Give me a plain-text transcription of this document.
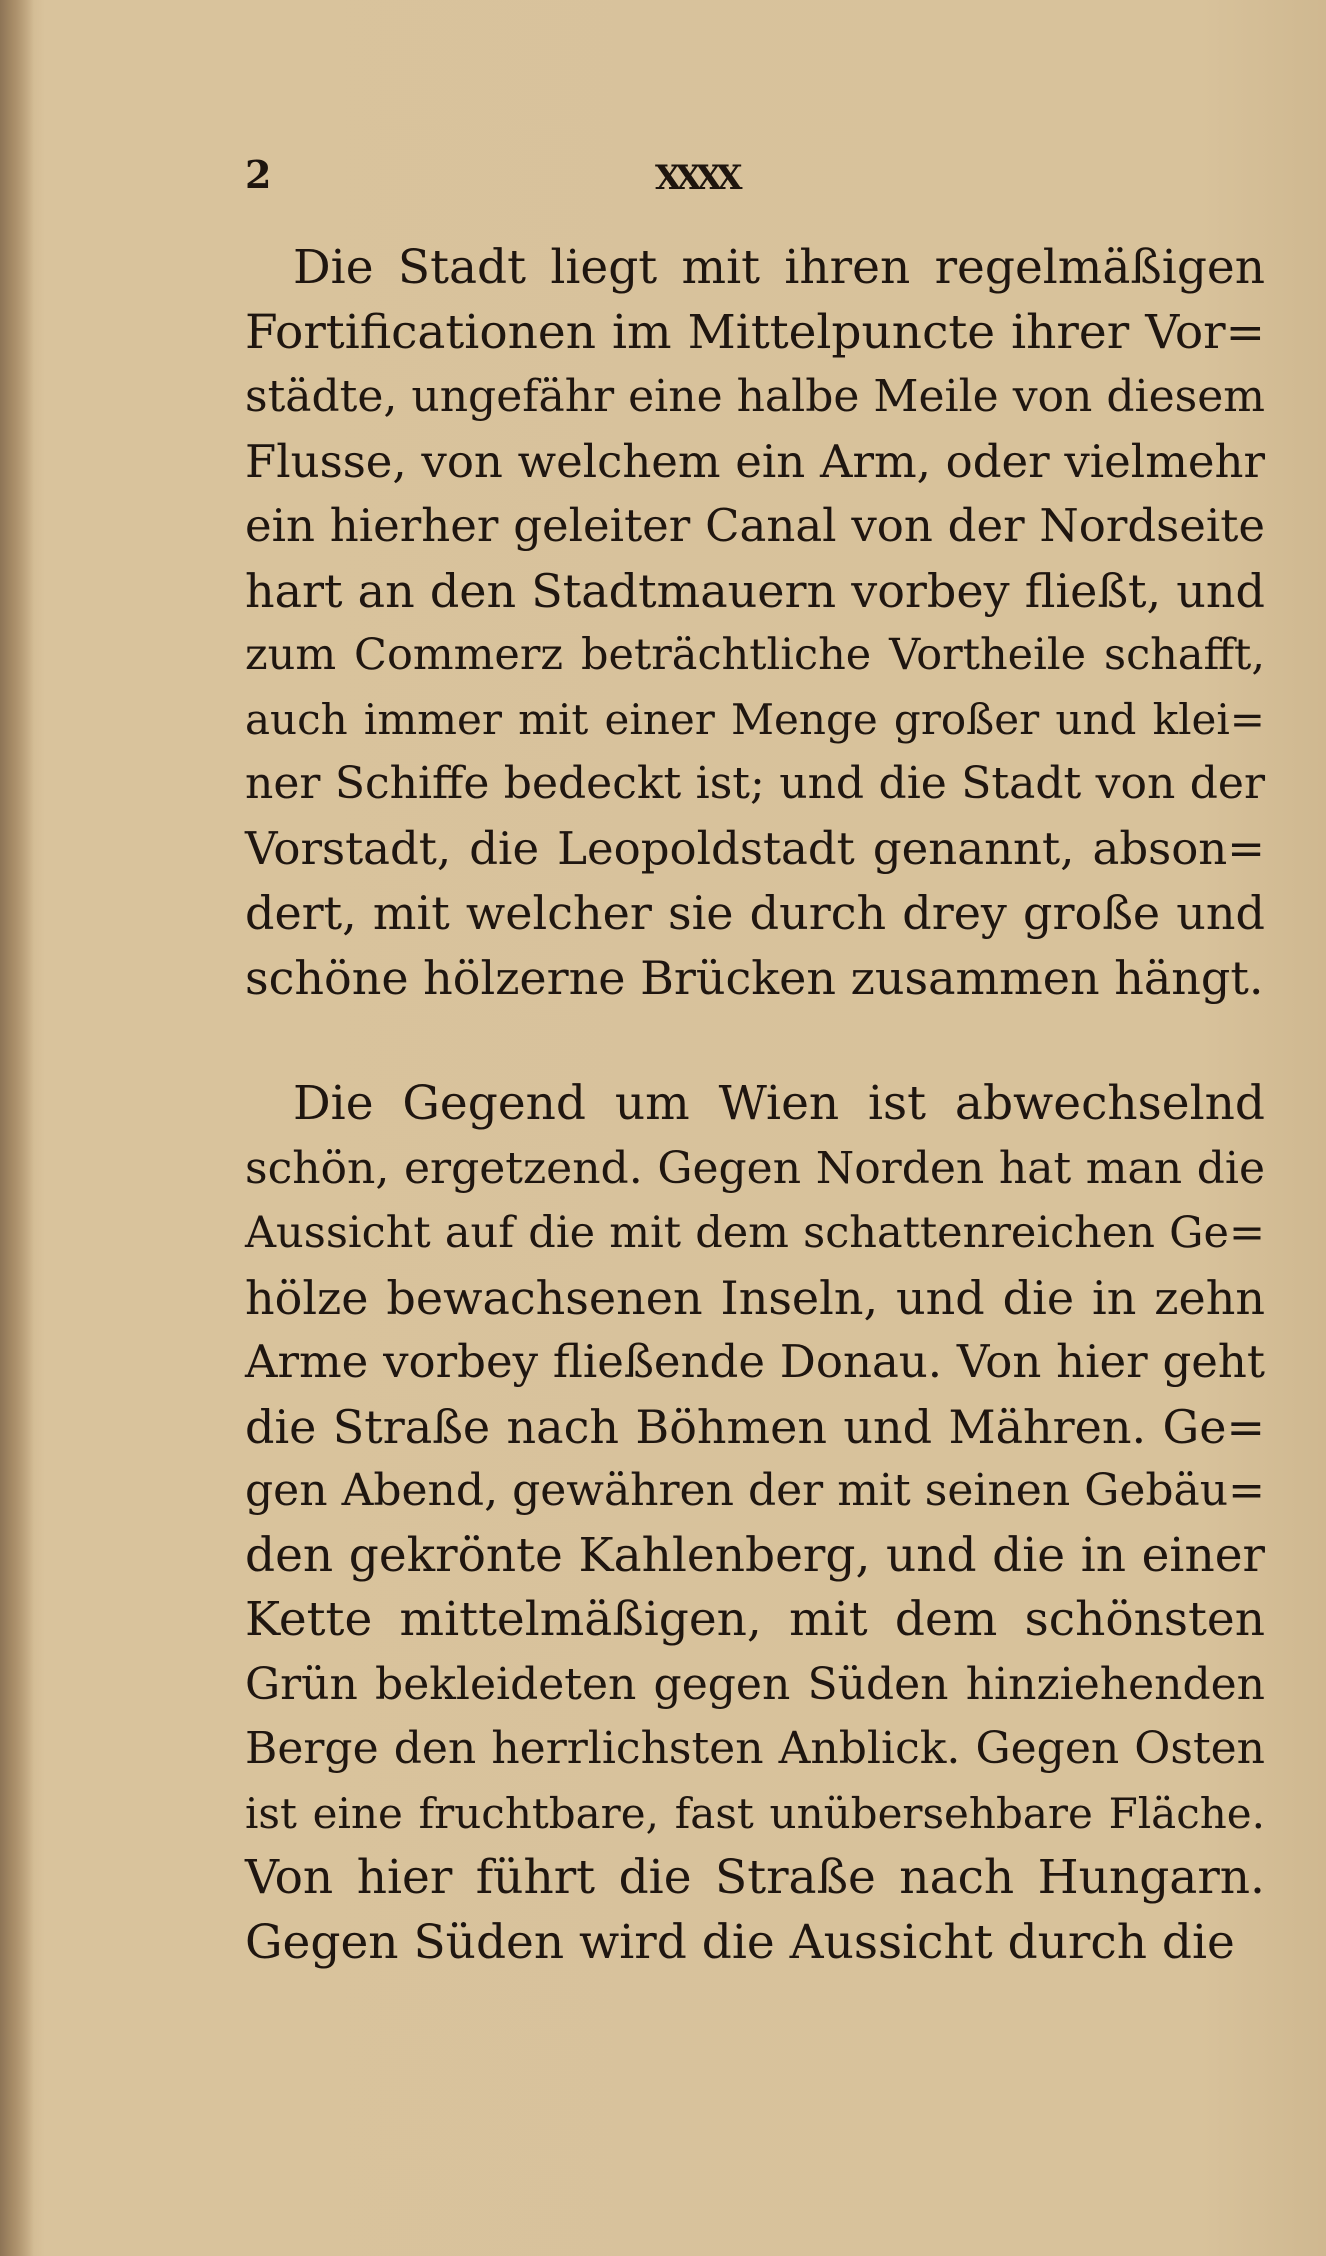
2	ХХХХ
Die Stadt liegt mit ihren regelmäßigen
Fortificationen im Mittelpuncte ihrer Vor=
städte, ungefähr eine halbe Meile von diesem
Flusse, von welchem ein Arm, oder vielmehr
ein hierher geleiter Canal von der Nordseite
hart an den Stadtmauern vorbey fließt, und
zum Commerz beträchtliche Vortheile schafft,
auch immer mit einer Menge großer und klei=
ner Schiffe bedeckt ist; und die Stadt von der
Vorstadt, die Leopoldstadt genannt, abson=
dert, mit welcher sie durch drey große und
schöne hölzerne Brücken zusammen hängt.
Die Gegend um Wien ist abwechselnd
schön, ergetzend. Gegen Norden hat man die
Aussicht auf die mit dem schattenreichen Ge=
hölze bewachsenen Inseln, und die in zehn
Arme vorbey fließende Donau. Von hier geht
die Straße nach Böhmen und Mähren. Ge=
gen Abend, gewähren der mit seinen Gebäu=
den gekrönte Kahlenberg, und die in einer
Kette mittelmäßigen, mit dem schönsten
Grün bekleideten gegen Süden hinziehenden
Berge den herrlichsten Anblick. Gegen Osten
ist eine fruchtbare, fast unübersehbare Fläche.
Von hier führt die Straße nach Hungarn.
Gegen Süden wird die Aussicht durch die
